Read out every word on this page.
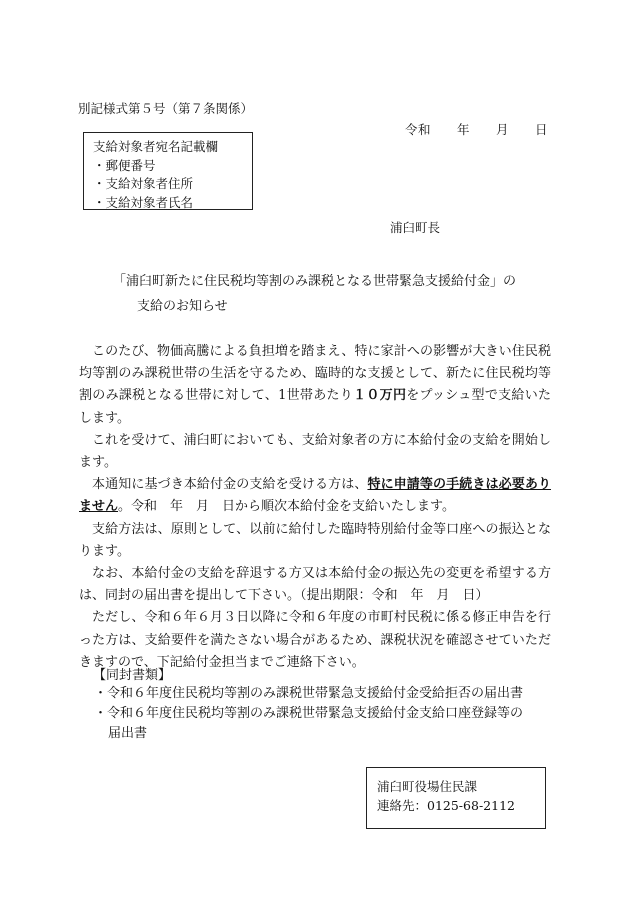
別記様式第５号（第７条関係）
令和 年 月 日
支給対象者宛名記載欄
・郵便番号
・支給対象者住所
・支給対象者氏名
浦臼町長
「浦臼町新たに住民税均等割のみ課税となる世帯緊急支援給付金」の
支給のお知らせ

このたび、物価高騰による負担増を踏まえ、特に家計への影響が大きい住民税均等割のみ課税世帯の生活を守るため、臨時的な支援として、新たに住民税均等割のみ課税となる世帯に対して、1世帯あたり１０万円をプッシュ型で支給いたします。

これを受けて、浦臼町においても、支給対象者の方に本給付金の支給を開始します。

本通知に基づき本給付金の支給を受ける方は、特に申請等の手続きは必要ありません。令和　年　月　日から順次本給付金を支給いたします。

支給方法は、原則として、以前に給付した臨時特別給付金等口座への振込となります。

なお、本給付金の支給を辞退する方又は本給付金の振込先の変更を希望する方は、同封の届出書を提出して下さい。（提出期限：令和　年　月　日）

ただし、令和６年６月３日以降に令和６年度の市町村民税に係る修正申告を行った方は、支給要件を満たさない場合があるため、課税状況を確認させていただきますので、下記給付金担当までご連絡下さい。

【同封書類】
・令和６年度住民税均等割のみ課税世帯緊急支援給付金受給拒否の届出書
・令和６年度住民税均等割のみ課税世帯緊急支援給付金支給口座登録等の
届出書
浦臼町役場住民課
連絡先：0125-68-2112
